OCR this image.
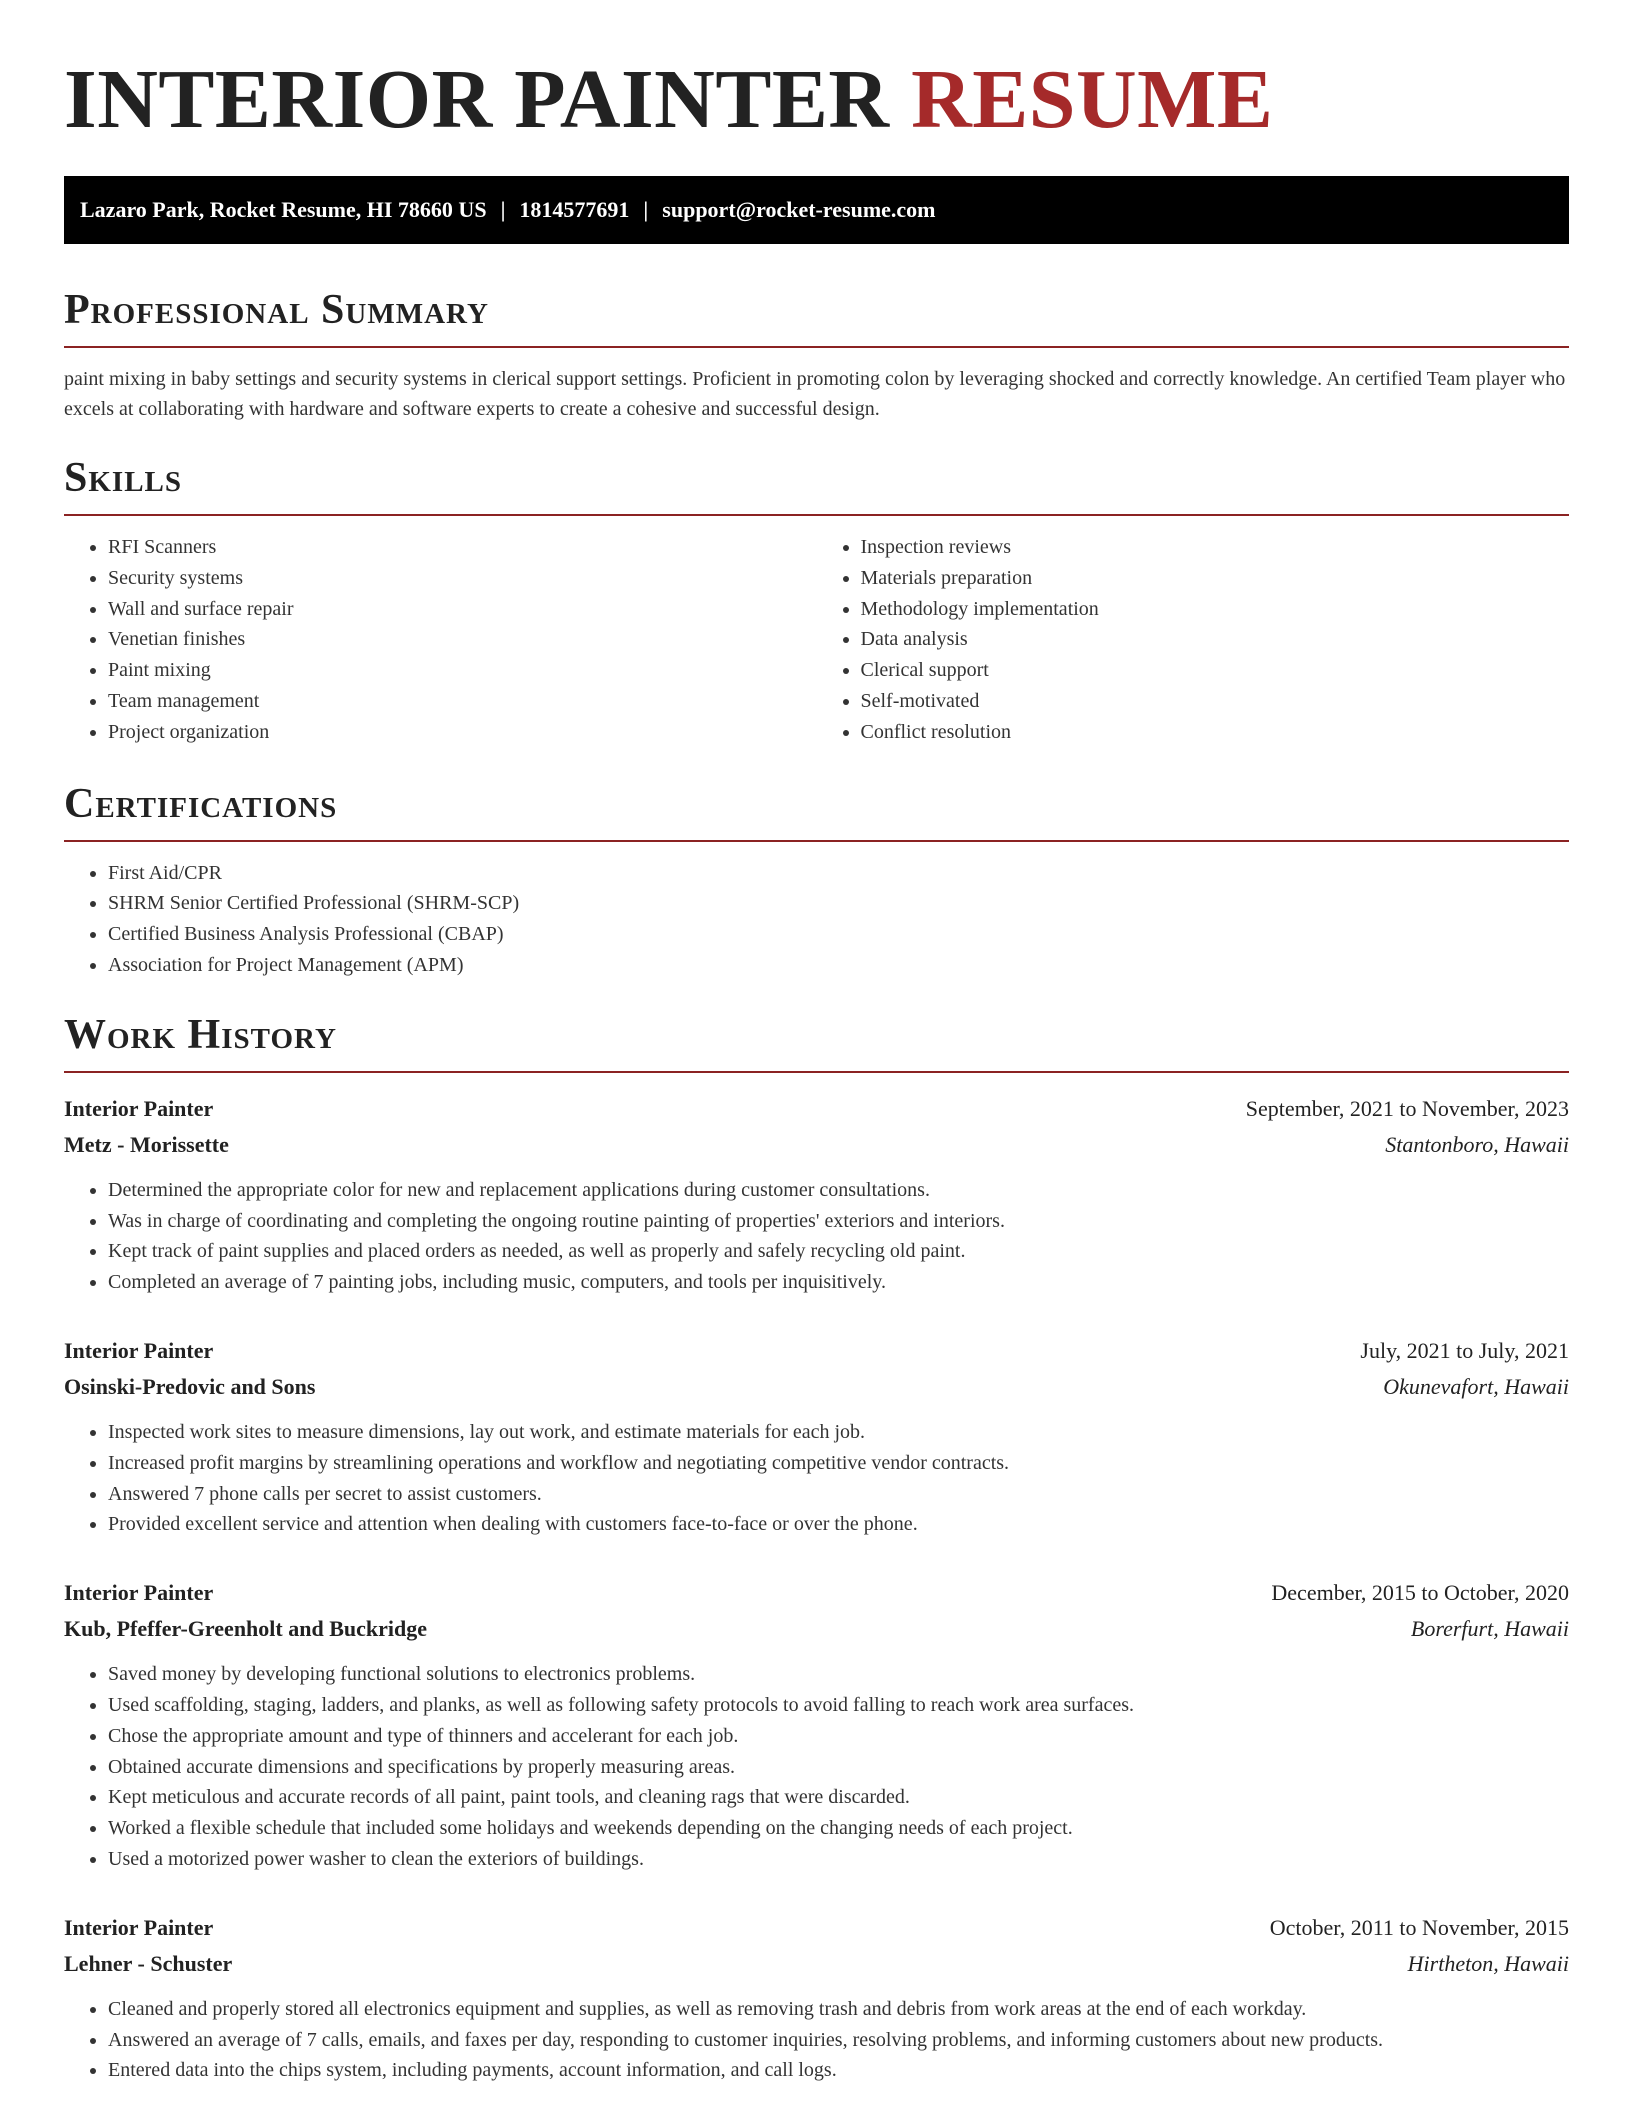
INTERIOR PAINTER RESUME
Lazaro Park, Rocket Resume, HI 78660 US | 1814577691 | support@rocket-resume.com
Professional Summary

paint mixing in baby settings and security systems in clerical support settings. Proficient in promoting colon by leveraging shocked and correctly knowledge. An certified Team player who excels at collaborating with hardware and software experts to create a cohesive and successful design.

Skills
• RFI Scanners
• Security systems
• Wall and surface repair
• Venetian finishes
• Paint mixing
• Team management
• Project organization
• Inspection reviews
• Materials preparation
• Methodology implementation
• Data analysis
• Clerical support
• Self-motivated
• Conflict resolution
Certifications
• First Aid/CPR
• SHRM Senior Certified Professional (SHRM-SCP)
• Certified Business Analysis Professional (CBAP)
• Association for Project Management (APM)
Work History
Interior Painter	September, 2021 to November, 2023
Metz - Morissette	Stantonboro, Hawaii
• Determined the appropriate color for new and replacement applications during customer consultations.
• Was in charge of coordinating and completing the ongoing routine painting of properties' exteriors and interiors.
• Kept track of paint supplies and placed orders as needed, as well as properly and safely recycling old paint.
• Completed an average of 7 painting jobs, including music, computers, and tools per inquisitively.
Interior Painter	July, 2021 to July, 2021
Osinski-Predovic and Sons	Okunevafort, Hawaii
• Inspected work sites to measure dimensions, lay out work, and estimate materials for each job.
• Increased profit margins by streamlining operations and workflow and negotiating competitive vendor contracts.
• Answered 7 phone calls per secret to assist customers.
• Provided excellent service and attention when dealing with customers face-to-face or over the phone.
Interior Painter	December, 2015 to October, 2020
Kub, Pfeffer-Greenholt and Buckridge	Borerfurt, Hawaii
• Saved money by developing functional solutions to electronics problems.
• Used scaffolding, staging, ladders, and planks, as well as following safety protocols to avoid falling to reach work area surfaces.
• Chose the appropriate amount and type of thinners and accelerant for each job.
• Obtained accurate dimensions and specifications by properly measuring areas.
• Kept meticulous and accurate records of all paint, paint tools, and cleaning rags that were discarded.
• Worked a flexible schedule that included some holidays and weekends depending on the changing needs of each project.
• Used a motorized power washer to clean the exteriors of buildings.
Interior Painter	October, 2011 to November, 2015
Lehner - Schuster	Hirtheton, Hawaii
• Cleaned and properly stored all electronics equipment and supplies, as well as removing trash and debris from work areas at the end of each workday.
• Answered an average of 7 calls, emails, and faxes per day, responding to customer inquiries, resolving problems, and informing customers about new products.
• Entered data into the chips system, including payments, account information, and call logs.
